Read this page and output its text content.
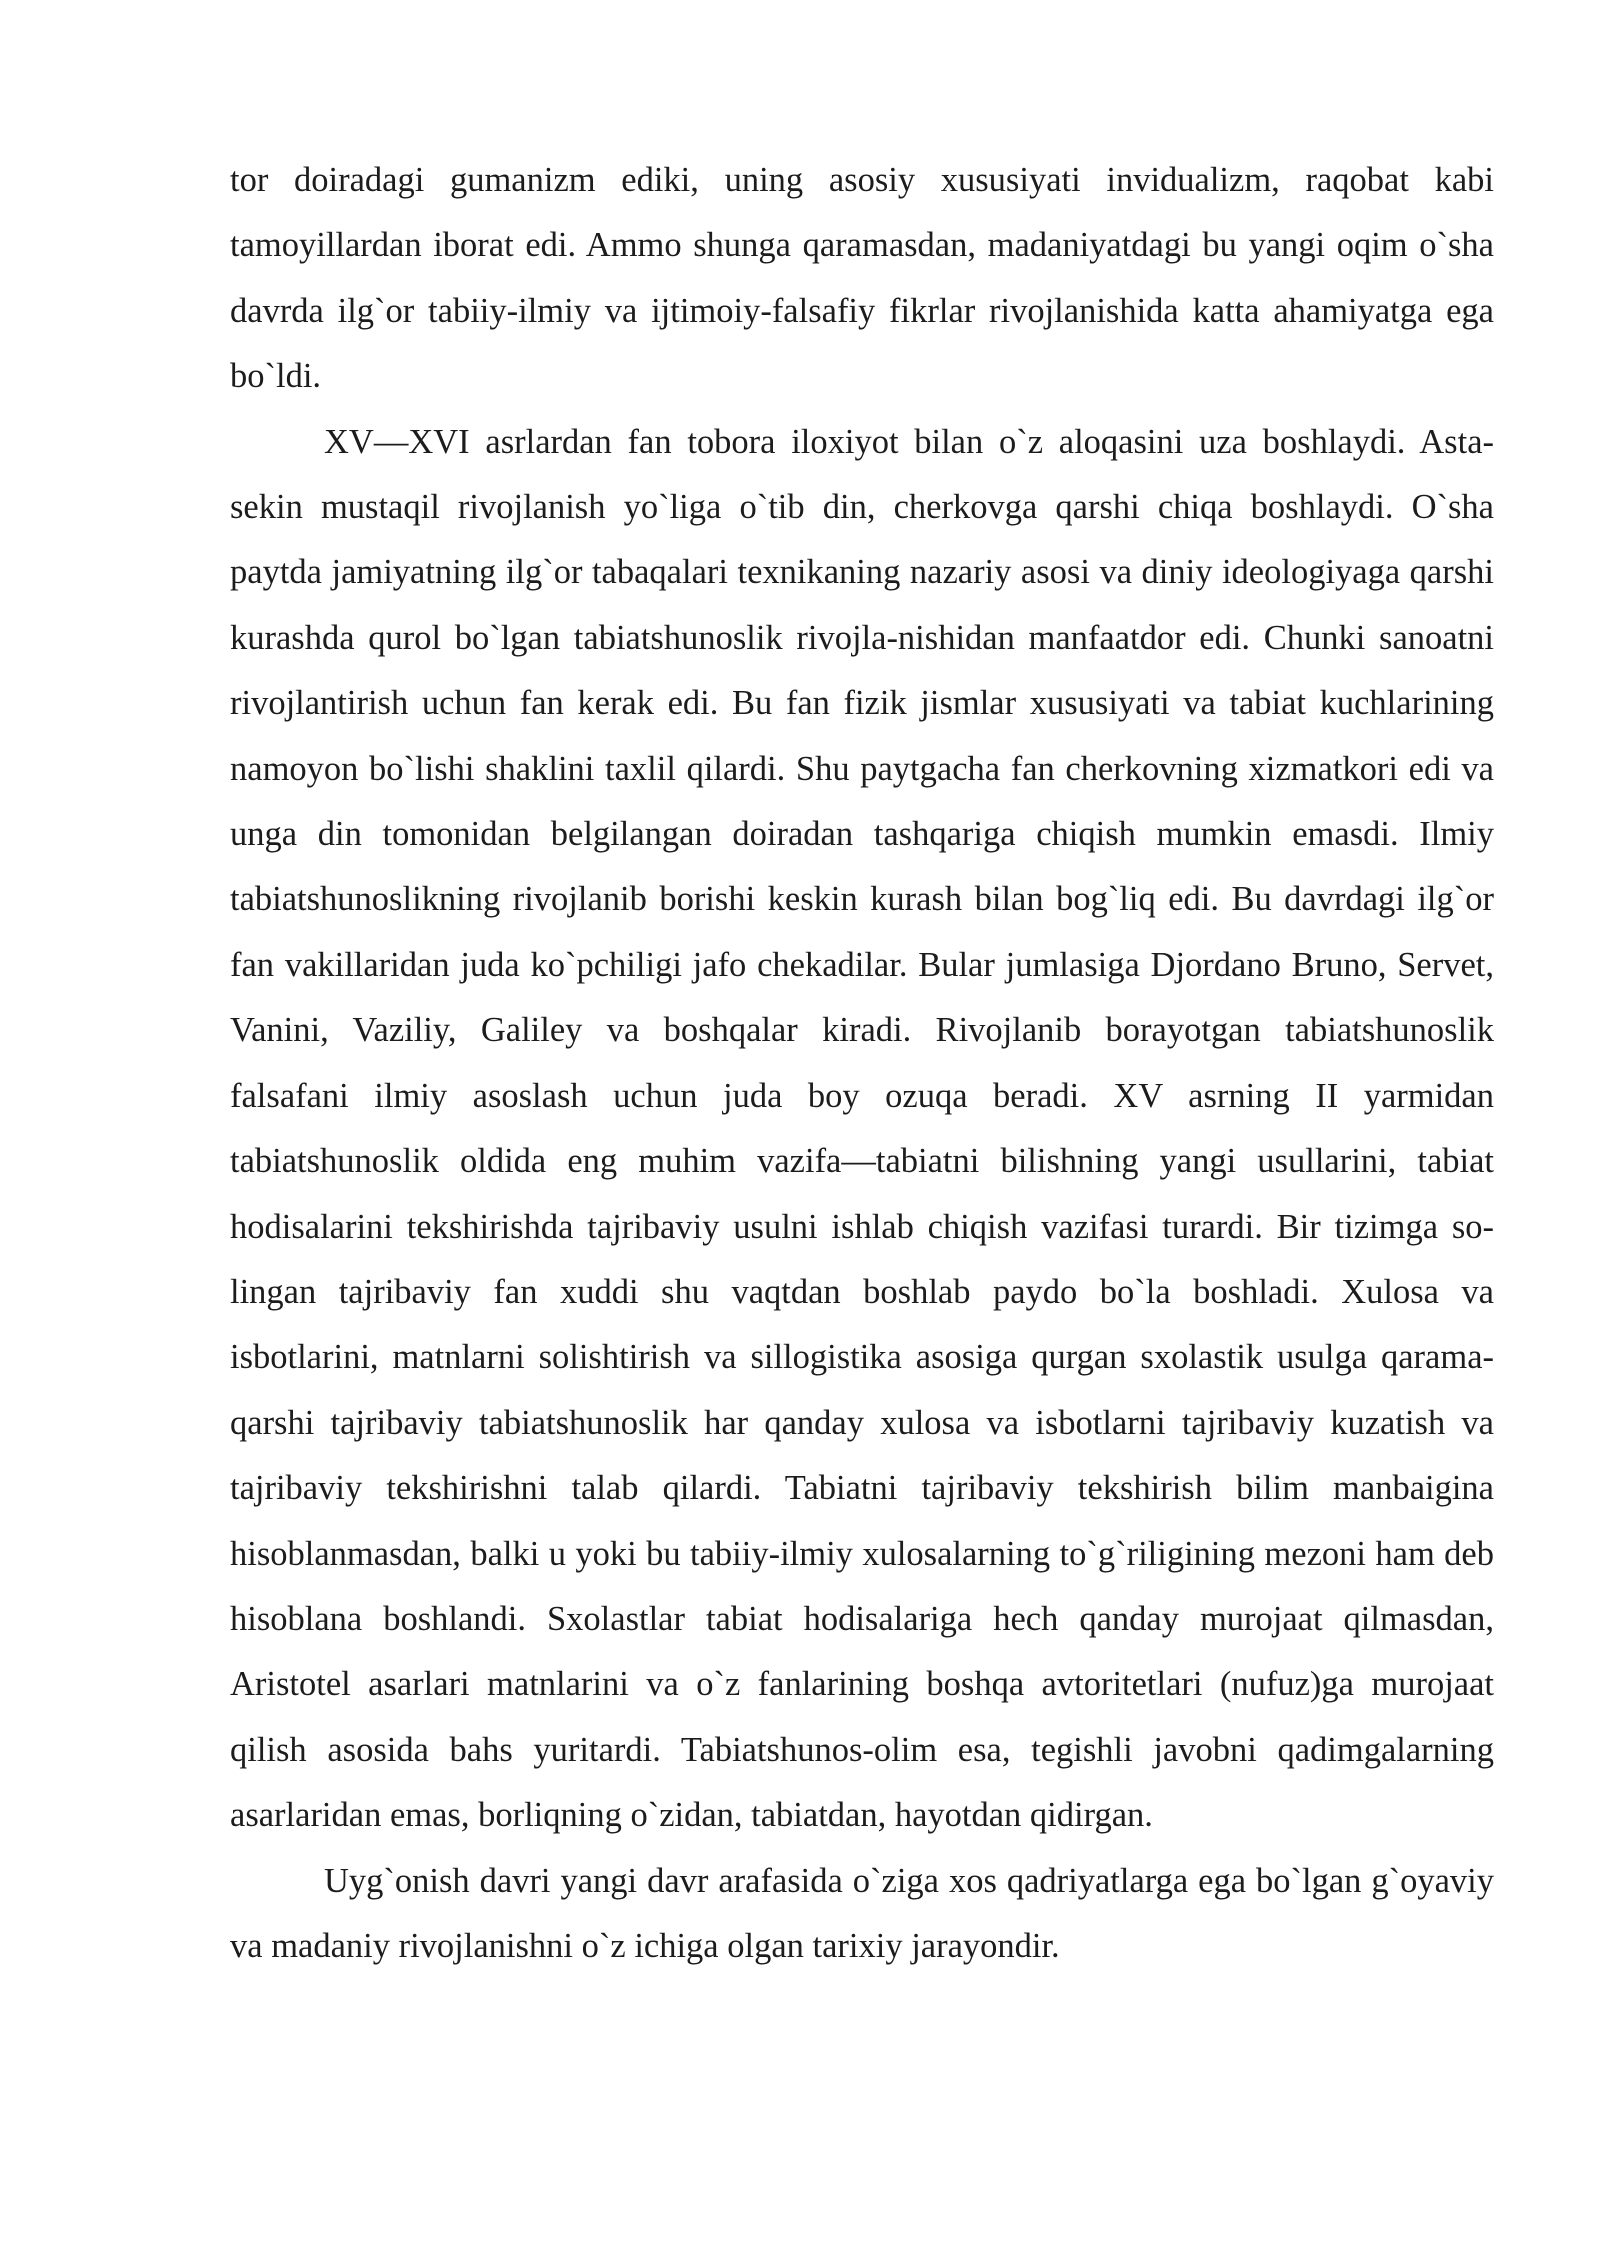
tor doiradagi gumanizm ediki, uning asosiy xususiyati invidualizm, raqobat kabi tamoyillardan iborat edi. Ammo shunga qaramasdan, madaniyatdagi bu yangi oqim o`sha davrda ilg`or tabiiy-ilmiy va ijtimoiy-falsafiy fikrlar rivojlanishida katta ahamiyatga ega bo`ldi.

XV—XVI asrlardan fan tobora iloxiyot bilan o`z aloqasini uza boshlaydi. Asta-sekin mustaqil rivojlanish yo`liga o`tib din, cherkovga qarshi chiqa boshlaydi. O`sha paytda jamiyatning ilg`or tabaqalari texnikaning nazariy asosi va diniy ideologiyaga qarshi kurashda qurol bo`lgan tabiatshunoslik rivojla-nishidan manfaatdor edi. Chunki sanoatni rivojlantirish uchun fan kerak edi. Bu fan fizik jismlar xususiyati va tabiat kuchlarining namoyon bo`lishi shaklini taxlil qilardi. Shu paytgacha fan cherkovning xizmatkori edi va unga din tomonidan belgilangan doiradan tashqariga chiqish mumkin emasdi. Ilmiy tabiatshunoslikning rivojlanib borishi keskin kurash bilan bog`liq edi. Bu davrdagi ilg`or fan vakillaridan juda ko`pchiligi jafo chekadilar. Bular jumlasiga Djordano Bruno, Servet, Vanini, Vaziliy, Galiley va boshqalar kiradi. Rivojlanib borayotgan tabiatshunoslik falsafani ilmiy asoslash uchun juda boy ozuqa beradi. XV asrning II yarmidan tabiatshunoslik oldida eng muhim vazifa—tabiatni bilishning yangi usullarini, tabiat hodisalarini tekshirishda tajribaviy usulni ishlab chiqish vazifasi turardi. Bir tizimga so-lingan tajribaviy fan xuddi shu vaqtdan boshlab paydo bo`la boshladi. Xulosa va isbotlarini, matnlarni solishtirish va sillogistika asosiga qurgan sxolastik usulga qarama-qarshi tajribaviy tabiatshunoslik har qanday xulosa va isbotlarni tajribaviy kuzatish va tajribaviy tekshirishni talab qilardi. Tabiatni tajribaviy tekshirish bilim manbaigina hisoblanmasdan, balki u yoki bu tabiiy-ilmiy xulosalarning to`g`riligining mezoni ham deb hisoblana boshlandi. Sxolastlar tabiat hodisalariga hech qanday murojaat qilmasdan, Aristotel asarlari matnlarini va o`z fanlarining boshqa avtoritetlari (nufuz)ga murojaat qilish asosida bahs yuritardi. Tabiatshunos-olim esa, tegishli javobni qadimgalarning asarlaridan emas, borliqning o`zidan, tabiatdan, hayotdan qidirgan.

Uyg`onish davri yangi davr arafasida o`ziga xos qadriyatlarga ega bo`lgan g`oyaviy va madaniy rivojlanishni o`z ichiga olgan tarixiy jarayondir.
